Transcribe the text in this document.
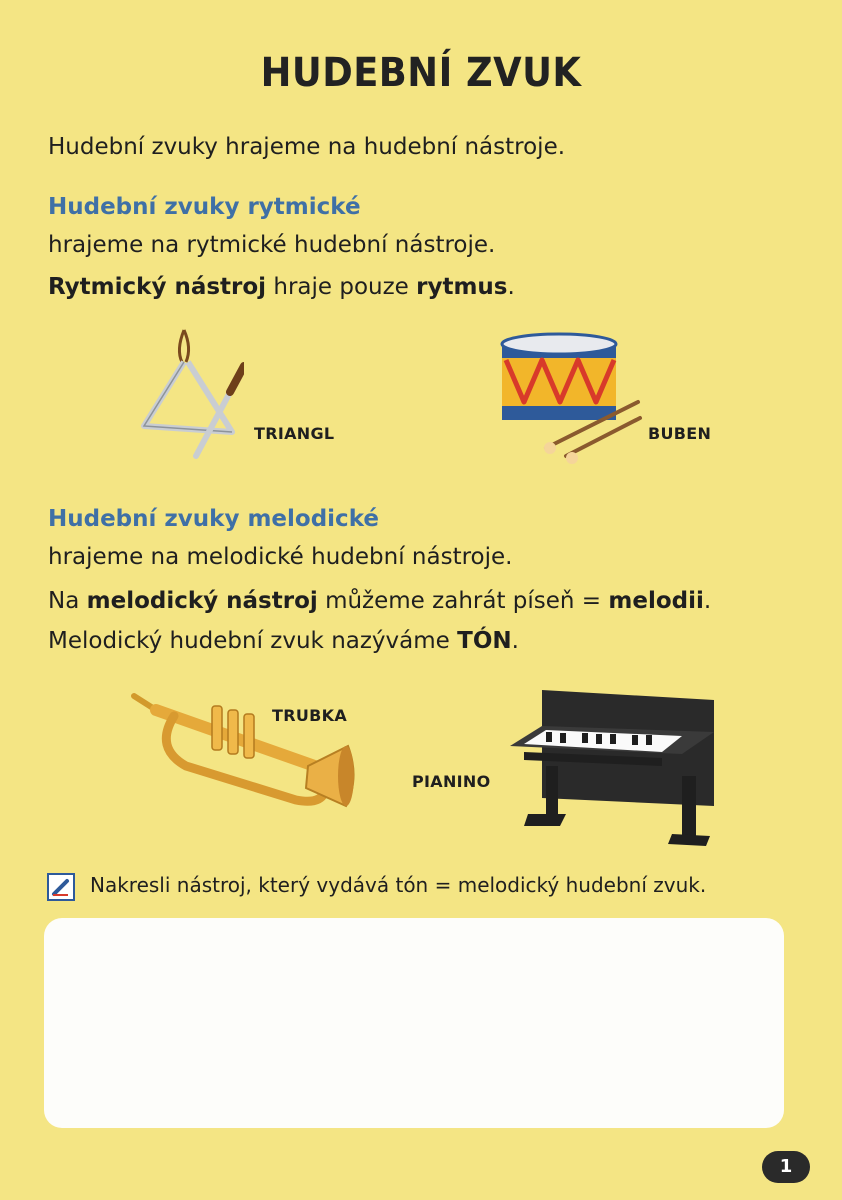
HUDEBNÍ ZVUK
Hudební zvuky hrajeme na hudební nástroje.
Hudební zvuky rytmické
hrajeme na rytmické hudební nástroje.
Rytmický nástroj hraje pouze rytmus.
TRIANGL	BUBEN
Hudební zvuky melodické
hrajeme na melodické hudební nástroje.
Na melodický nástroj můžeme zahrát píseň = melodii.
Melodický hudební zvuk nazýváme TÓN.
TRUBKA
PIANINO
Nakresli nástroj, který vydává tón = melodický hudební zvuk.
1
